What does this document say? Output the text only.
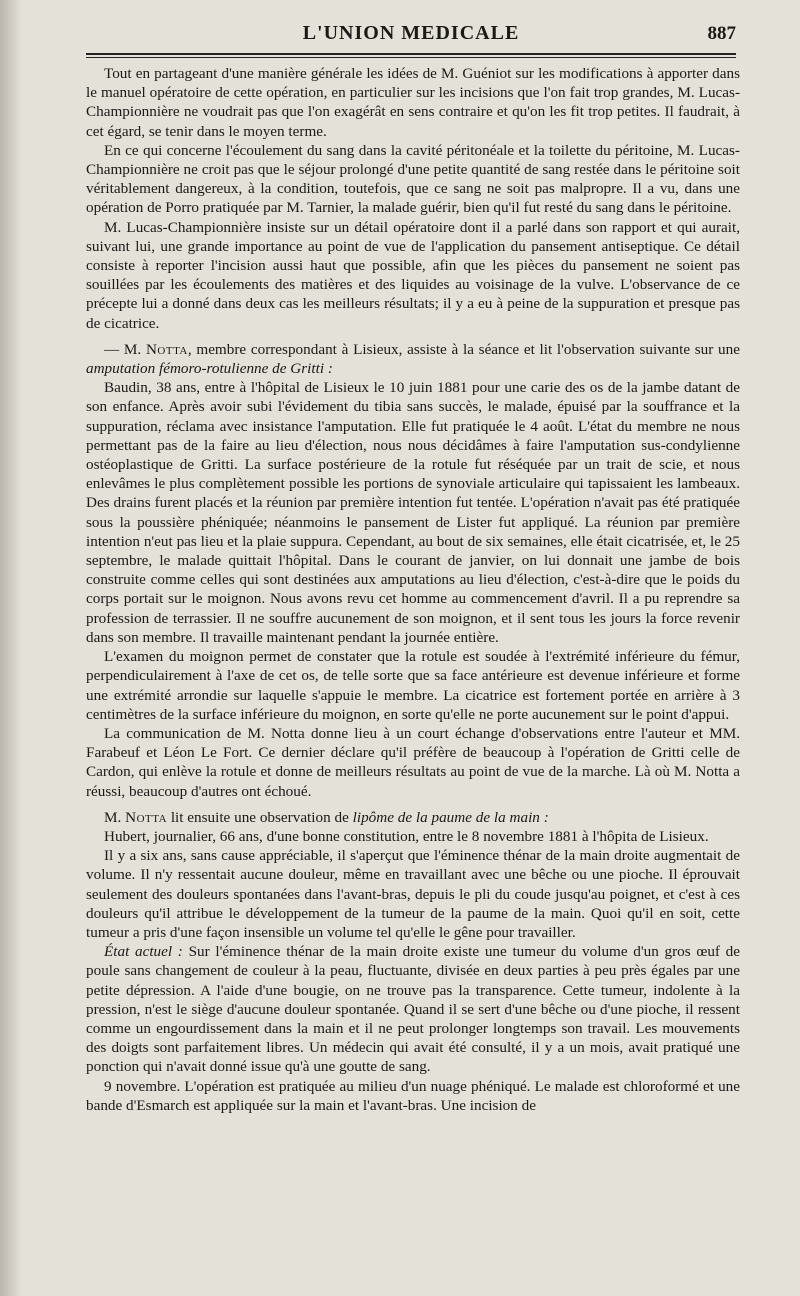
L'UNION MEDICALE	887

Tout en partageant d'une manière générale les idées de M. Guéniot sur les modifications à apporter dans le manuel opératoire de cette opération, en particulier sur les incisions que l'on fait trop grandes, M. Lucas-Championnière ne voudrait pas que l'on exagérât en sens contraire et qu'on les fit trop petites. Il faudrait, à cet égard, se tenir dans le moyen terme.

En ce qui concerne l'écoulement du sang dans la cavité péritonéale et la toilette du péritoine, M. Lucas-Championnière ne croit pas que le séjour prolongé d'une petite quantité de sang restée dans le péritoine soit véritablement dangereux, à la condition, toutefois, que ce sang ne soit pas malpropre. Il a vu, dans une opération de Porro pratiquée par M. Tarnier, la malade guérir, bien qu'il fut resté du sang dans le péritoine.

M. Lucas-Championnière insiste sur un détail opératoire dont il a parlé dans son rapport et qui aurait, suivant lui, une grande importance au point de vue de l'application du pansement antiseptique. Ce détail consiste à reporter l'incision aussi haut que possible, afin que les pièces du pansement ne soient pas souillées par les écoulements des matières et des liquides au voisinage de la vulve. L'observance de ce précepte lui a donné dans deux cas les meilleurs résultats; il y a eu à peine de la suppuration et presque pas de cicatrice.

— M. Notta, membre correspondant à Lisieux, assiste à la séance et lit l'observation suivante sur une amputation fémoro-rotulienne de Gritti :

Baudin, 38 ans, entre à l'hôpital de Lisieux le 10 juin 1881 pour une carie des os de la jambe datant de son enfance. Après avoir subi l'évidement du tibia sans succès, le malade, épuisé par la souffrance et la suppuration, réclama avec insistance l'amputation. Elle fut pratiquée le 4 août. L'état du membre ne nous permettant pas de la faire au lieu d'élection, nous nous décidâmes à faire l'amputation sus-condylienne ostéoplastique de Gritti. La surface postérieure de la rotule fut réséquée par un trait de scie, et nous enlevâmes le plus complètement possible les portions de synoviale articulaire qui tapissaient les lambeaux. Des drains furent placés et la réunion par première intention fut tentée. L'opération n'avait pas été pratiquée sous la poussière phéniquée; néanmoins le pansement de Lister fut appliqué. La réunion par première intention n'eut pas lieu et la plaie suppura. Cependant, au bout de six semaines, elle était cicatrisée, et, le 25 septembre, le malade quittait l'hôpital. Dans le courant de janvier, on lui donnait une jambe de bois construite comme celles qui sont destinées aux amputations au lieu d'élection, c'est-à-dire que le poids du corps portait sur le moignon. Nous avons revu cet homme au commencement d'avril. Il a pu reprendre sa profession de terrassier. Il ne souffre aucunement de son moignon, et il sent tous les jours la force revenir dans son membre. Il travaille maintenant pendant la journée entière.

L'examen du moignon permet de constater que la rotule est soudée à l'extrémité inférieure du fémur, perpendiculairement à l'axe de cet os, de telle sorte que sa face antérieure est devenue inférieure et forme une extrémité arrondie sur laquelle s'appuie le membre. La cicatrice est fortement portée en arrière à 3 centimètres de la surface inférieure du moignon, en sorte qu'elle ne porte aucunement sur le point d'appui.

La communication de M. Notta donne lieu à un court échange d'observations entre l'auteur et MM. Farabeuf et Léon Le Fort. Ce dernier déclare qu'il préfère de beaucoup à l'opération de Gritti celle de Cardon, qui enlève la rotule et donne de meilleurs résultats au point de vue de la marche. Là où M. Notta a réussi, beaucoup d'autres ont échoué.

M. Notta lit ensuite une observation de lipôme de la paume de la main :

Hubert, journalier, 66 ans, d'une bonne constitution, entre le 8 novembre 1881 à l'hôpita de Lisieux.

Il y a six ans, sans cause appréciable, il s'aperçut que l'éminence thénar de la main droite augmentait de volume. Il n'y ressentait aucune douleur, même en travaillant avec une bêche ou une pioche. Il éprouvait seulement des douleurs spontanées dans l'avant-bras, depuis le pli du coude jusqu'au poignet, et c'est à ces douleurs qu'il attribue le développement de la tumeur de la paume de la main. Quoi qu'il en soit, cette tumeur a pris d'une façon insensible un volume tel qu'elle le gêne pour travailler.

État actuel : Sur l'éminence thénar de la main droite existe une tumeur du volume d'un gros œuf de poule sans changement de couleur à la peau, fluctuante, divisée en deux parties à peu près égales par une petite dépression. A l'aide d'une bougie, on ne trouve pas la transparence. Cette tumeur, indolente à la pression, n'est le siège d'aucune douleur spontanée. Quand il se sert d'une bêche ou d'une pioche, il ressent comme un engourdissement dans la main et il ne peut prolonger longtemps son travail. Les mouvements des doigts sont parfaitement libres. Un médecin qui avait été consulté, il y a un mois, avait pratiqué une ponction qui n'avait donné issue qu'à une goutte de sang.

9 novembre. L'opération est pratiquée au milieu d'un nuage phéniqué. Le malade est chloroformé et une bande d'Esmarch est appliquée sur la main et l'avant-bras. Une incision de
